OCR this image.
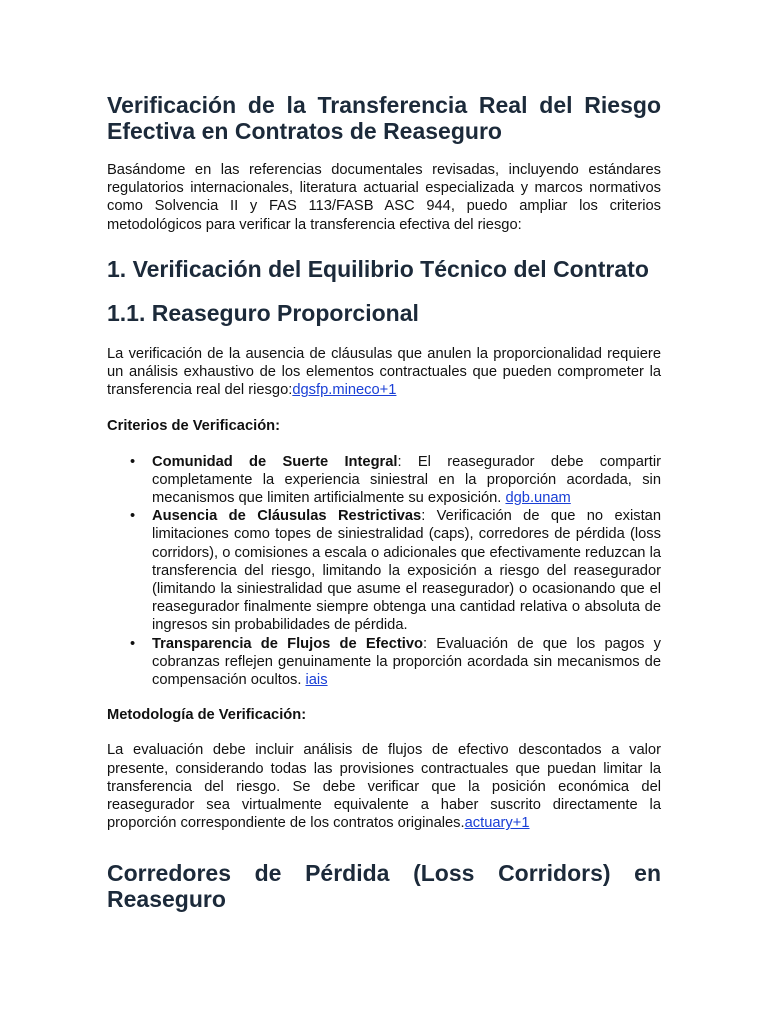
Verificación de la Transferencia Real del Riesgo Efectiva en Contratos de Reaseguro

Basándome en las referencias documentales revisadas, incluyendo estándares regulatorios internacionales, literatura actuarial especializada y marcos normativos como Solvencia II y FAS 113/FASB ASC 944, puedo ampliar los criterios metodológicos para verificar la transferencia efectiva del riesgo:

1. Verificación del Equilibrio Técnico del Contrato
1.1. Reaseguro Proporcional

La verificación de la ausencia de cláusulas que anulen la proporcionalidad requiere un análisis exhaustivo de los elementos contractuales que pueden comprometer la transferencia real del riesgo:dgsfp.mineco+1

Criterios de Verificación:

• Comunidad de Suerte Integral: El reasegurador debe compartir completamente la experiencia siniestral en la proporción acordada, sin mecanismos que limiten artificialmente su exposición. dgb.unam
• Ausencia de Cláusulas Restrictivas: Verificación de que no existan limitaciones como topes de siniestralidad (caps), corredores de pérdida (loss corridors), o comisiones a escala o adicionales que efectivamente reduzcan la transferencia del riesgo, limitando la exposición a riesgo del reasegurador (limitando la siniestralidad que asume el reasegurador) o ocasionando que el reasegurador finalmente siempre obtenga una cantidad relativa o absoluta de ingresos sin probabilidades de pérdida.
• Transparencia de Flujos de Efectivo: Evaluación de que los pagos y cobranzas reflejen genuinamente la proporción acordada sin mecanismos de compensación ocultos. iais

Metodología de Verificación:

La evaluación debe incluir análisis de flujos de efectivo descontados a valor presente, considerando todas las provisiones contractuales que puedan limitar la transferencia del riesgo. Se debe verificar que la posición económica del reasegurador sea virtualmente equivalente a haber suscrito directamente la proporción correspondiente de los contratos originales.actuary+1

Corredores de Pérdida (Loss Corridors) en Reaseguro
